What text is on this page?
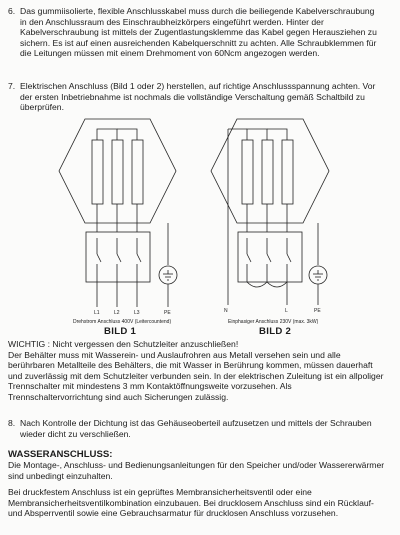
6. Das gummiisolierte, flexible Anschlusskabel muss durch die beiliegende Kabelverschraubung in den Anschlussraum des Einschraubheizkörpers eingeführt werden. Hinter der Kabelverschraubung ist mittels der Zugentlastungsklemme das Kabel gegen Herausziehen zu sichern. Es ist auf einen ausreichenden Kabelquerschnitt zu achten. Alle Schraubklemmen für die Leitungen müssen mit einem Drehmoment von 60Ncm angezogen werden.

7. Elektrischen Anschluss (Bild 1 oder 2) herstellen, auf richtige Anschlussspannung achten. Vor der ersten Inbetriebnahme ist nochmals die vollständige Verschaltung gemäß Schaltbild zu überprüfen.

L1	L2	L3	PE	N	L	PE
Drehstrom Anschluss 400V (Leitercountend)
BILD 1
Einphasiger Anschluss 230V (max. 3kW)
BILD 2

WICHTIG : Nicht vergessen den Schutzleiter anzuschließen!
Der Behälter muss mit Wasserein- und Auslaufrohren aus Metall versehen sein und alle berührbaren Metallteile des Behälters, die mit Wasser in Berührung kommen, müssen dauerhaft und zuverlässig mit dem Schutzleiter verbunden sein. In der elektrischen Zuleitung ist ein allpoliger Trennschalter mit mindestens 3 mm Kontaktöffnungsweite vorzusehen. Als Trennschaltervorrichtung sind auch Sicherungen zulässig.

8. Nach Kontrolle der Dichtung ist das Gehäuseoberteil aufzusetzen und mittels der Schrauben wieder dicht zu verschließen.

WASSERANSCHLUSS:

Die Montage-, Anschluss- und Bedienungsanleitungen für den Speicher und/oder Wassererwärmer sind unbedingt einzuhalten.

Bei druckfestem Anschluss ist ein geprüftes Membransicherheitsventil oder eine Membransicherheitsventilkombination einzubauen. Bei drucklosem Anschluss sind ein Rücklauf- und Absperrventil sowie eine Gebrauchsarmatur für drucklosen Anschluss vorzusehen.
